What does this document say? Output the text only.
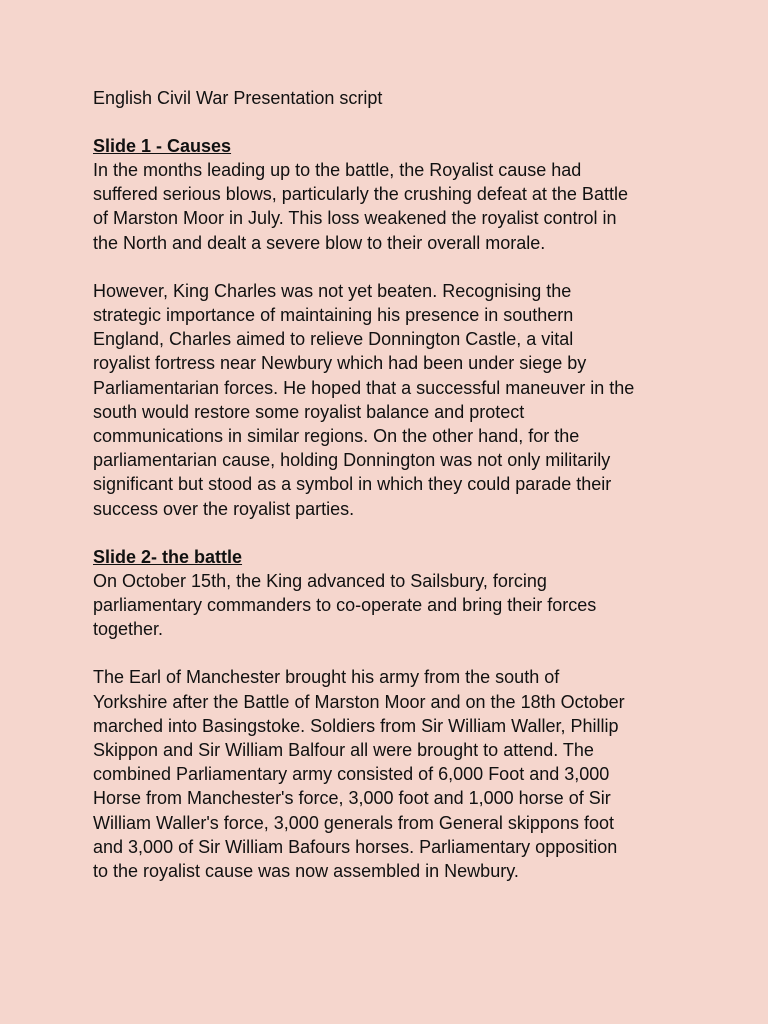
English Civil War Presentation script

Slide 1 - Causes

In the months leading up to the battle, the Royalist cause had
suffered serious blows, particularly the crushing defeat at the Battle
of Marston Moor in July. This loss weakened the royalist control in
the North and dealt a severe blow to their overall morale.

However, King Charles was not yet beaten. Recognising the
strategic importance of maintaining his presence in southern
England, Charles aimed to relieve Donnington Castle, a vital
royalist fortress near Newbury which had been under siege by
Parliamentarian forces. He hoped that a successful maneuver in the
south would restore some royalist balance and protect
communications in similar regions. On the other hand, for the
parliamentarian cause, holding Donnington was not only militarily
significant but stood as a symbol in which they could parade their
success over the royalist parties.

Slide 2- the battle

On October 15th, the King advanced to Sailsbury, forcing
parliamentary commanders to co-operate and bring their forces
together.

The Earl of Manchester brought his army from the south of
Yorkshire after the Battle of Marston Moor and on the 18th October
marched into Basingstoke. Soldiers from Sir William Waller, Phillip
Skippon and Sir William Balfour all were brought to attend. The
combined Parliamentary army consisted of 6,000 Foot and 3,000
Horse from Manchester's force, 3,000 foot and 1,000 horse of Sir
William Waller's force, 3,000 generals from General skippons foot
and 3,000 of Sir William Bafours horses. Parliamentary opposition
to the royalist cause was now assembled in Newbury.
